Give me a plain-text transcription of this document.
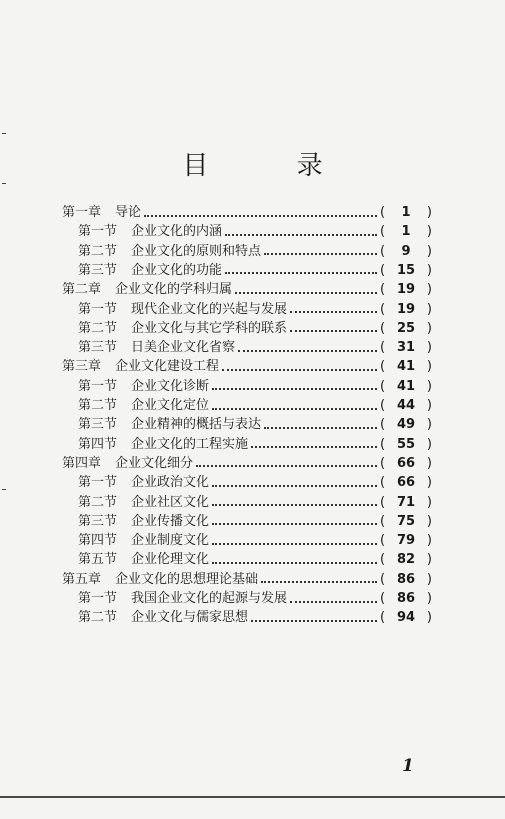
目 录
第一章 导论	(	1	)
第一节 企业文化的内涵	(	1	)
第二节 企业文化的原则和特点	(	9	)
第三节 企业文化的功能	( 15 )
第二章 企业文化的学科归属	( 19 )
第一节 现代企业文化的兴起与发展	( 19 )
第二节 企业文化与其它学科的联系	( 25 )
第三节 日美企业文化省察	( 31 )
第三章 企业文化建设工程	( 41 )
第一节 企业文化诊断	( 41 )
第二节 企业文化定位	( 44 )
第三节 企业精神的概括与表达	( 49 )
第四节 企业文化的工程实施	( 55 )
第四章 企业文化细分	( 66 )
第一节 企业政治文化	( 66 )
第二节 企业社区文化	( 71 )
第三节 企业传播文化	( 75 )
第四节 企业制度文化	( 79 )
第五节 企业伦理文化	( 82 )
第五章 企业文化的思想理论基础	( 86 )
第一节 我国企业文化的起源与发展	( 86 )
第二节 企业文化与儒家思想	( 94 )
1
